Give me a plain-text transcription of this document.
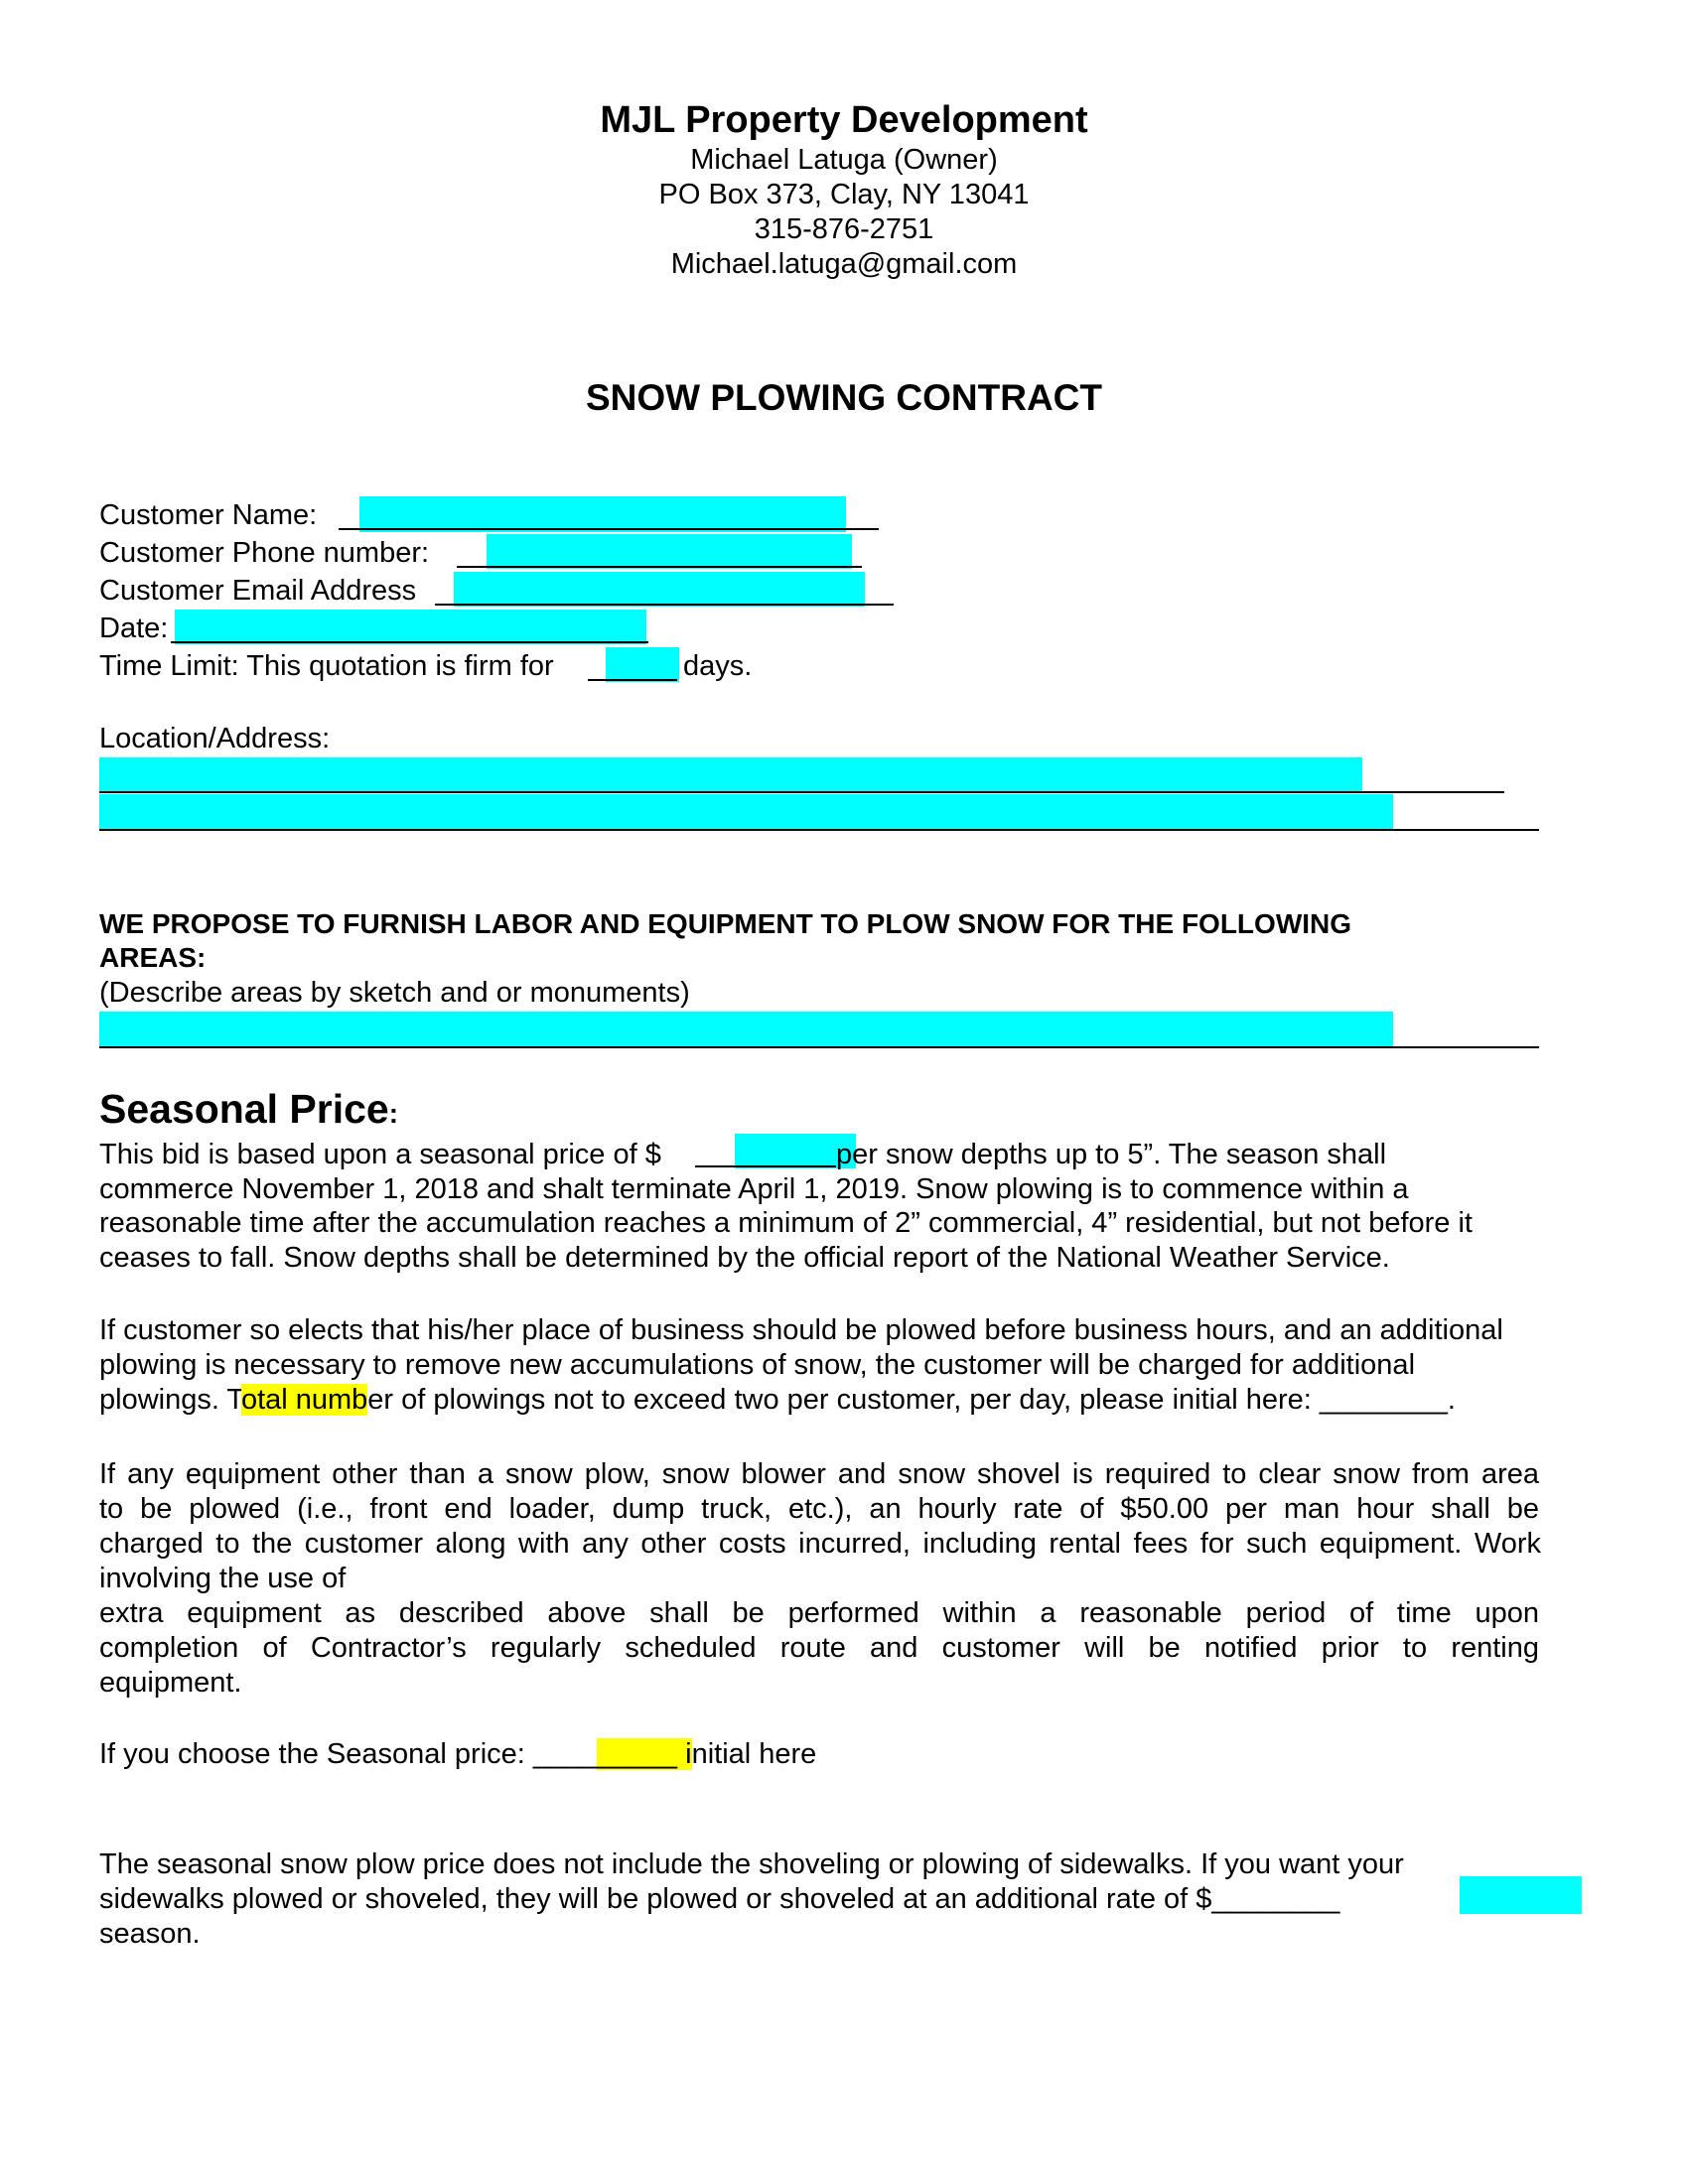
MJL Property Development
Michael Latuga (Owner)
PO Box 373, Clay, NY 13041
315-876-2751
Michael.latuga@gmail.com
SNOW PLOWING CONTRACT
Customer Name:
Customer Phone number:
Customer Email Address
Date:
Time Limit: This quotation is firm for	days.
Location/Address:
WE PROPOSE TO FURNISH LABOR AND EQUIPMENT TO PLOW SNOW FOR THE FOLLOWING
AREAS:
(Describe areas by sketch and or monuments)
Seasonal Price:
This bid is based upon a seasonal price of $	per snow depths up to 5”. The season shall
commerce November 1, 2018 and shalt terminate April 1, 2019. Snow plowing is to commence within a
reasonable time after the accumulation reaches a minimum of 2” commercial, 4” residential, but not before it
ceases to fall. Snow depths shall be determined by the official report of the National Weather Service.
If customer so elects that his/her place of business should be plowed before business hours, and an additional
plowing is necessary to remove new accumulations of snow, the customer will be charged for additional
plowings. Total number of plowings not to exceed two per customer, per day, please initial here: ________.
If any equipment other than a snow plow, snow blower and snow shovel is required to clear snow from area
to be plowed (i.e., front end loader, dump truck, etc.), an hourly rate of $50.00 per man hour shall be
charged to the customer along with any other costs incurred, including rental fees for such equipment. Work
involving the use of
extra equipment as described above shall be performed within a reasonable period of time upon
completion of Contractor’s regularly scheduled route and customer will be notified prior to renting
equipment.
If you choose the Seasonal price: _________ initial here
The seasonal snow plow price does not include the shoveling or plowing of sidewalks. If you want your
sidewalks plowed or shoveled, they will be plowed or shoveled at an additional rate of $________
season.
